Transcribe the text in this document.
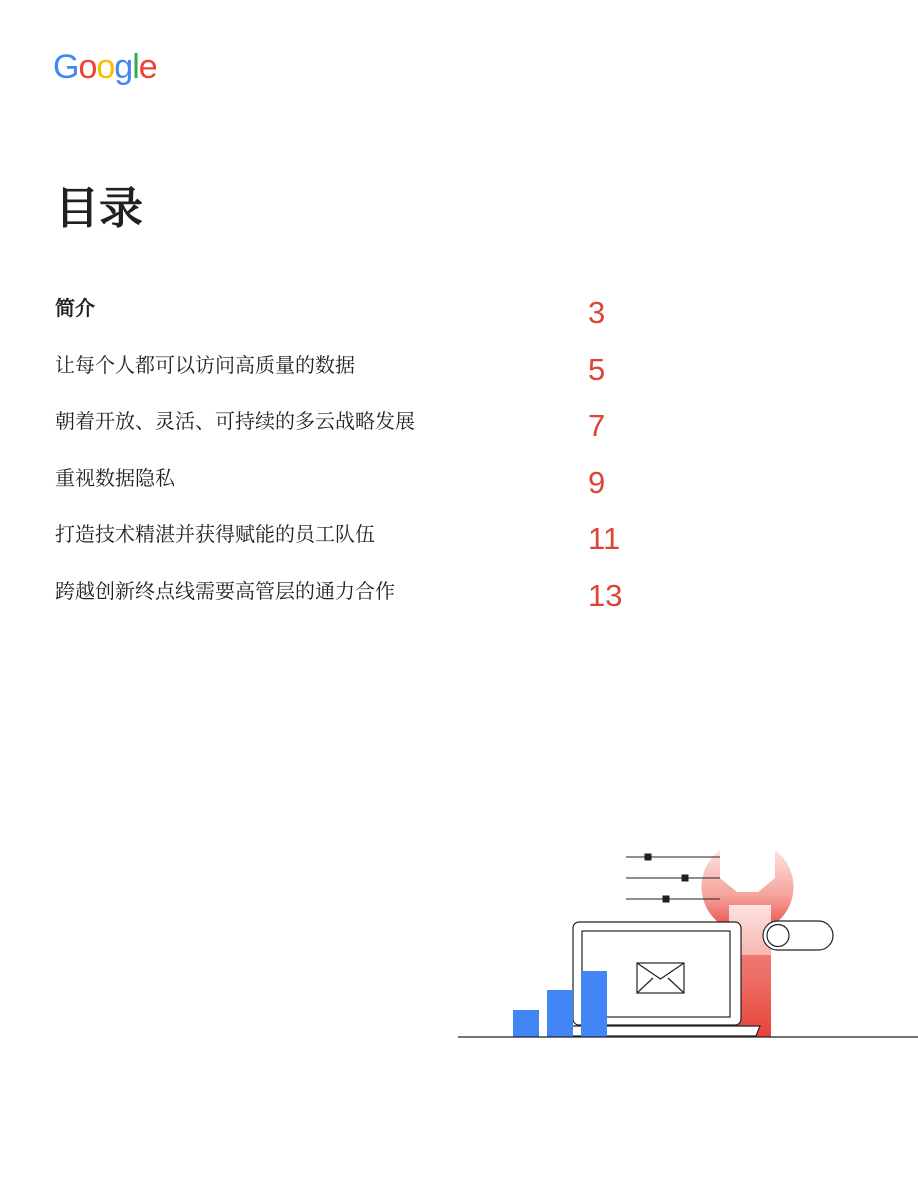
Google
目录
简介	3
让每个人都可以访问高质量的数据	5
朝着开放、灵活、可持续的多云战略发展	7
重视数据隐私	9
打造技术精湛并获得赋能的员工队伍	11
跨越创新终点线需要高管层的通力合作	13
